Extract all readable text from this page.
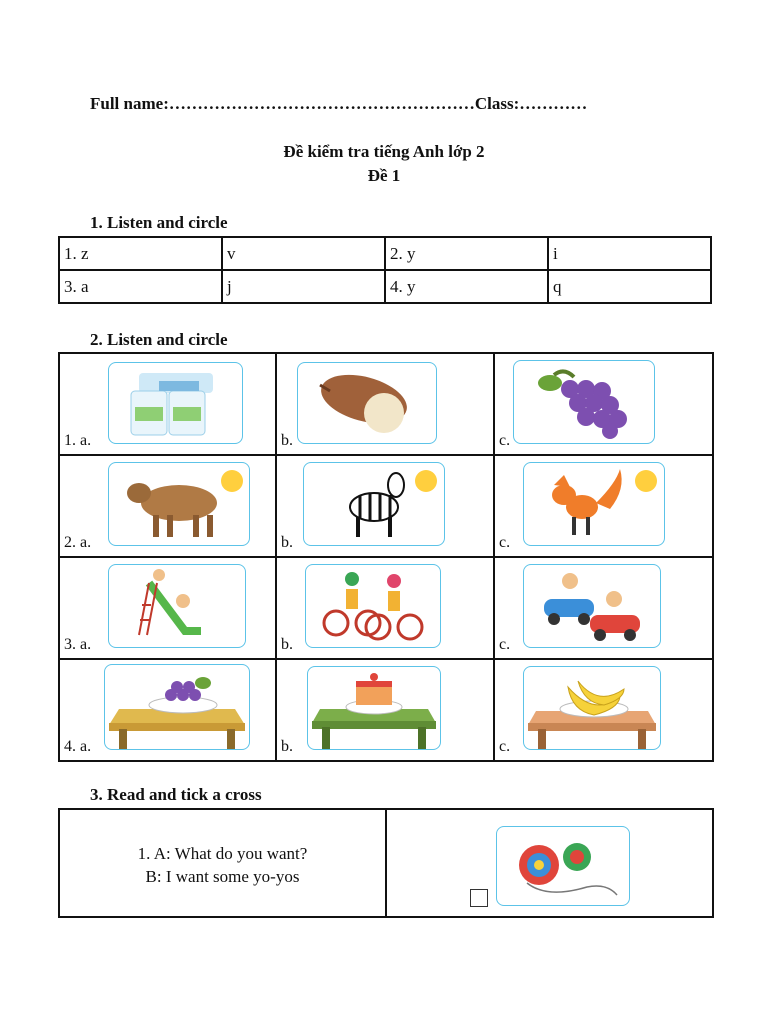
Full name:………………………………………………Class:…………
Đề kiểm tra tiếng Anh lớp 2
Đề 1
1. Listen and circle
1. z	v	2. y	i
3. a	j	4. y	q
2. Listen and circle
1. a.	b.	c.
2. a.	b.	c.
3. a.	b.	c.
4. a.	b.	c.
3. Read and tick a cross
1. A: What do you want?
B: I want some yo-yos
